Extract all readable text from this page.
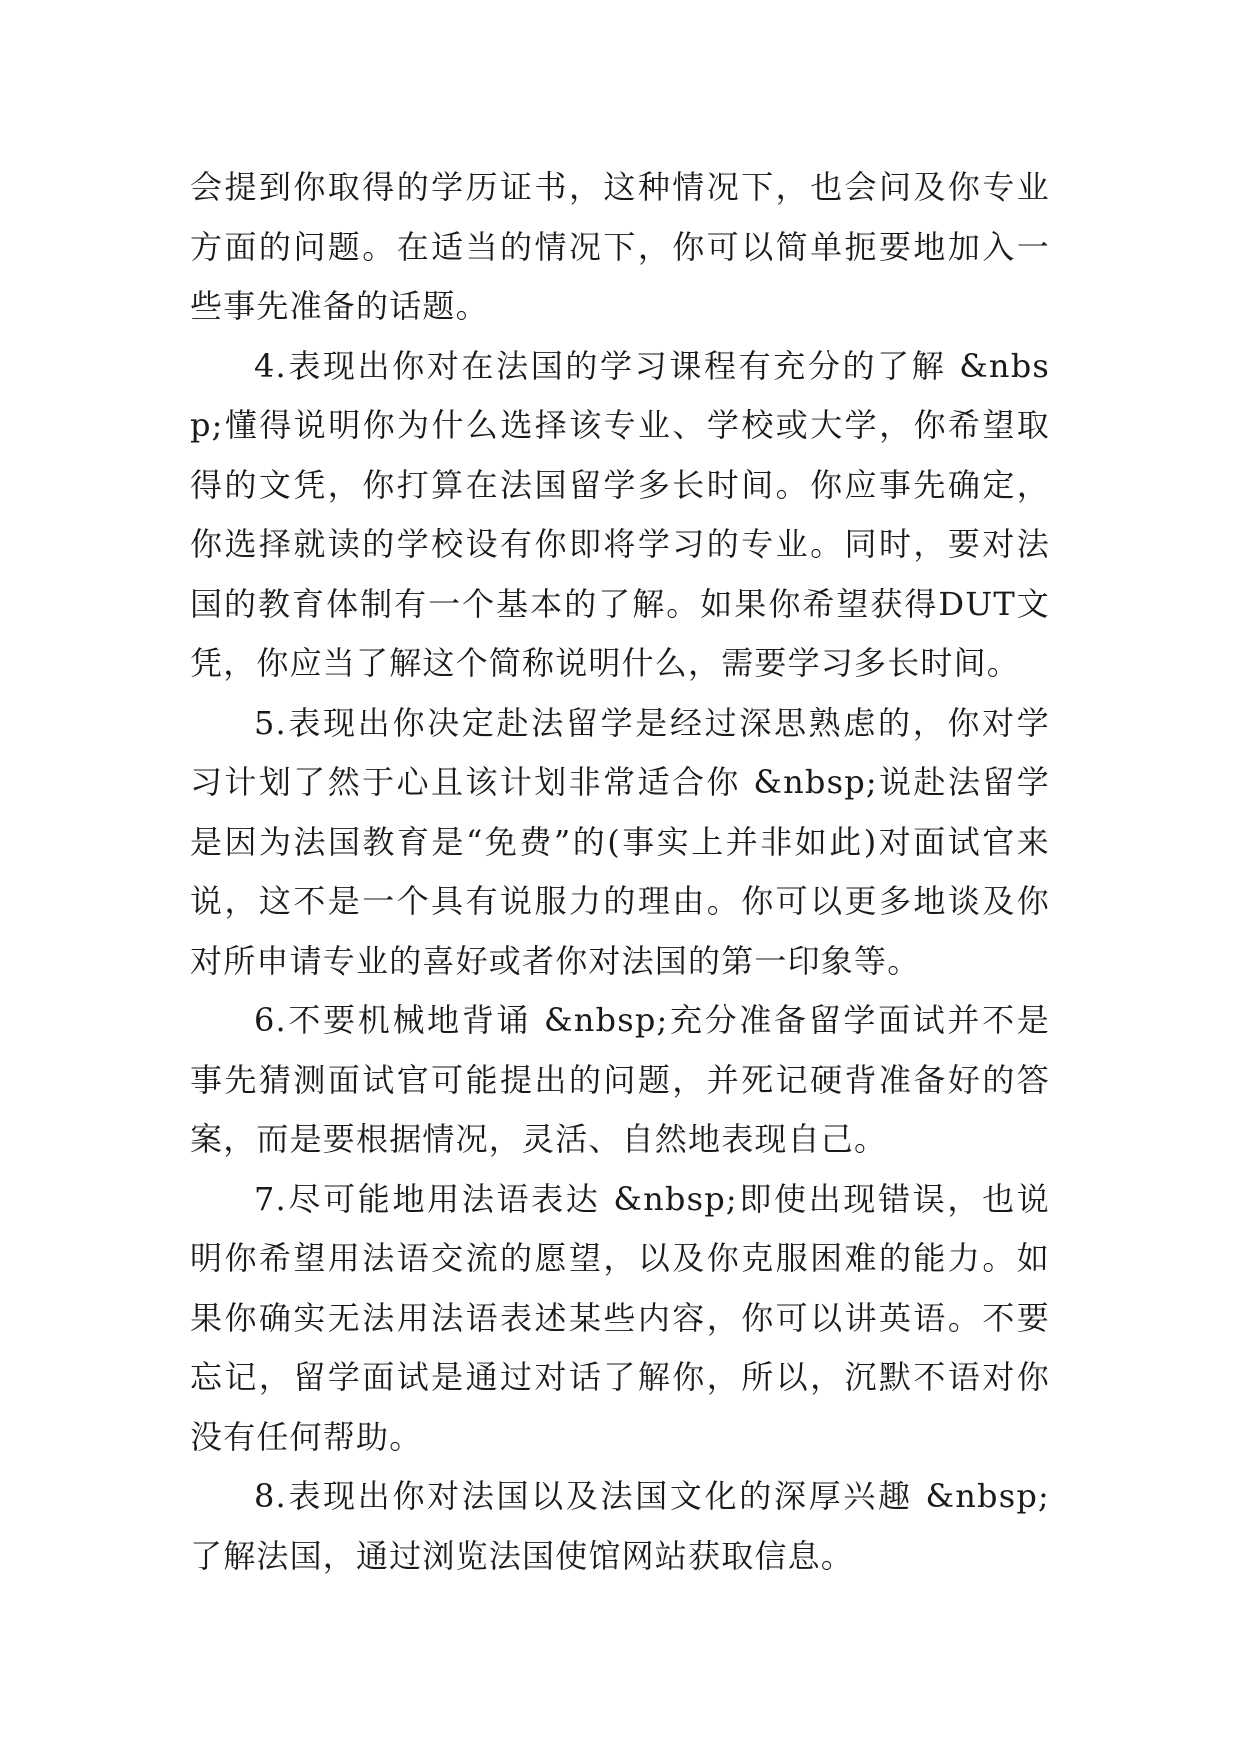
会提到你取得的学历证书，这种情况下，也会问及你专业方面的问题。在适当的情况下，你可以简单扼要地加入一些事先准备的话题。

4.表现出你对在法国的学习课程有充分的了解 &nbsp;懂得说明你为什么选择该专业、学校或大学，你希望取得的文凭，你打算在法国留学多长时间。你应事先确定，你选择就读的学校设有你即将学习的专业。同时，要对法国的教育体制有一个基本的了解。如果你希望获得DUT文凭，你应当了解这个简称说明什么，需要学习多长时间。

5.表现出你决定赴法留学是经过深思熟虑的，你对学习计划了然于心且该计划非常适合你 &nbsp;说赴法留学是因为法国教育是“免费”的(事实上并非如此)对面试官来说，这不是一个具有说服力的理由。你可以更多地谈及你对所申请专业的喜好或者你对法国的第一印象等。

6.不要机械地背诵 &nbsp;充分准备留学面试并不是事先猜测面试官可能提出的问题，并死记硬背准备好的答案，而是要根据情况，灵活、自然地表现自己。

7.尽可能地用法语表达 &nbsp;即使出现错误，也说明你希望用法语交流的愿望，以及你克服困难的能力。如果你确实无法用法语表述某些内容，你可以讲英语。不要忘记，留学面试是通过对话了解你，所以，沉默不语对你没有任何帮助。

8.表现出你对法国以及法国文化的深厚兴趣 &nbsp;了解法国，通过浏览法国使馆网站获取信息。
